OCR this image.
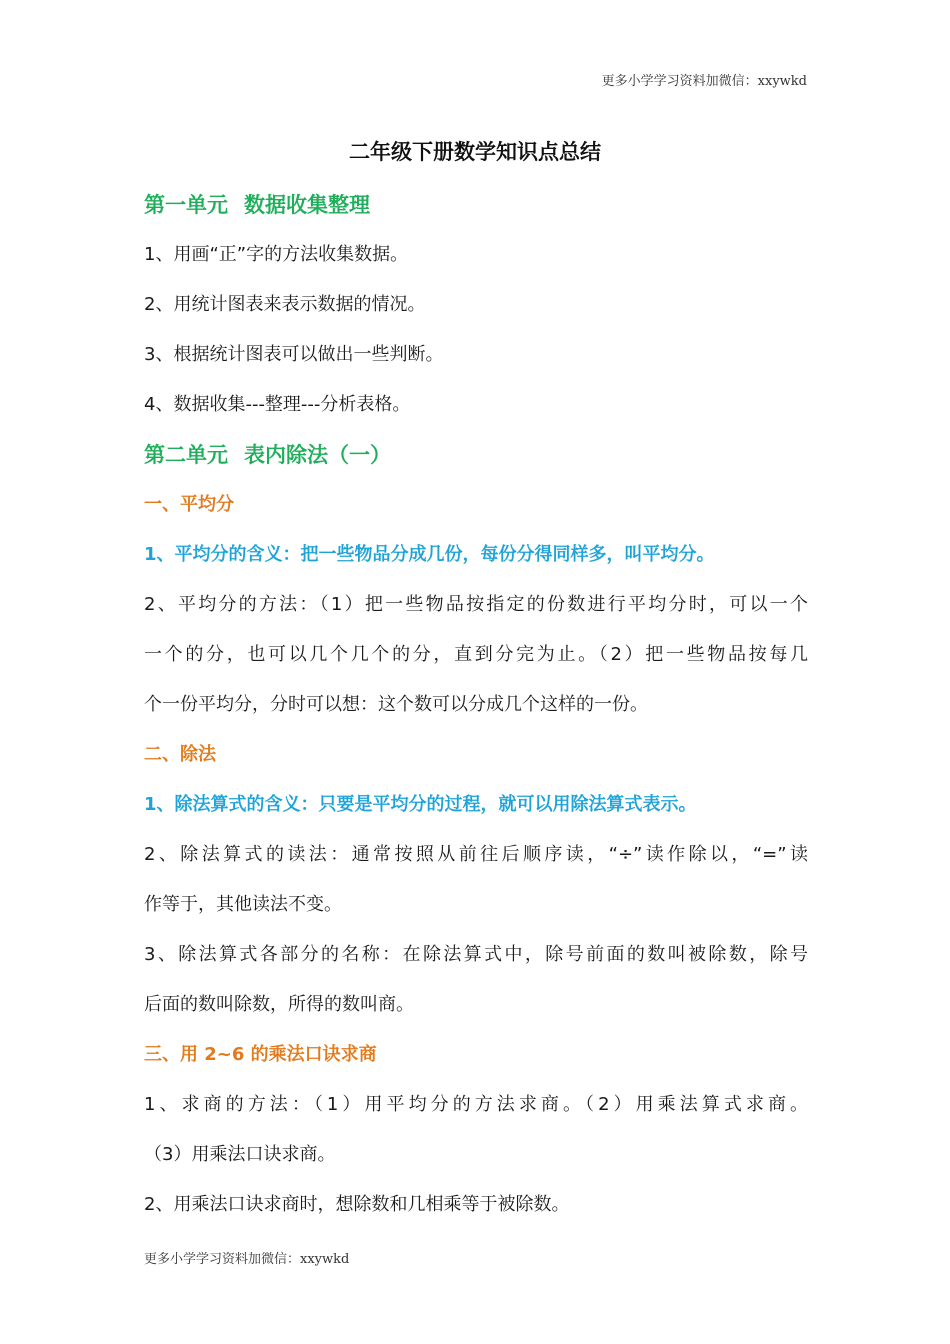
更多小学学习资料加微信：xxywkd
二年级下册数学知识点总结
第一单元 数据收集整理
1、用画“正”字的方法收集数据。
2、用统计图表来表示数据的情况。
3、根据统计图表可以做出一些判断。
4、数据收集---整理---分析表格。
第二单元 表内除法（一）
一、平均分
1、平均分的含义：把一些物品分成几份，每份分得同样多，叫平均分。
2、平均分的方法：（1）把一些物品按指定的份数进行平均分时，可以一个
一个的分，也可以几个几个的分，直到分完为止。（2）把一些物品按每几
个一份平均分，分时可以想：这个数可以分成几个这样的一份。
二、除法
1、除法算式的含义：只要是平均分的过程，就可以用除法算式表示。
2、除法算式的读法：通常按照从前往后顺序读，“÷”读作除以，“=”读
作等于，其他读法不变。
3、除法算式各部分的名称：在除法算式中，除号前面的数叫被除数，除号
后面的数叫除数，所得的数叫商。
三、用 2~6 的乘法口诀求商
1、求商的方法：（1）用平均分的方法求商。（2）用乘法算式求商。
（3）用乘法口诀求商。
2、用乘法口诀求商时，想除数和几相乘等于被除数。
更多小学学习资料加微信：xxywkd
